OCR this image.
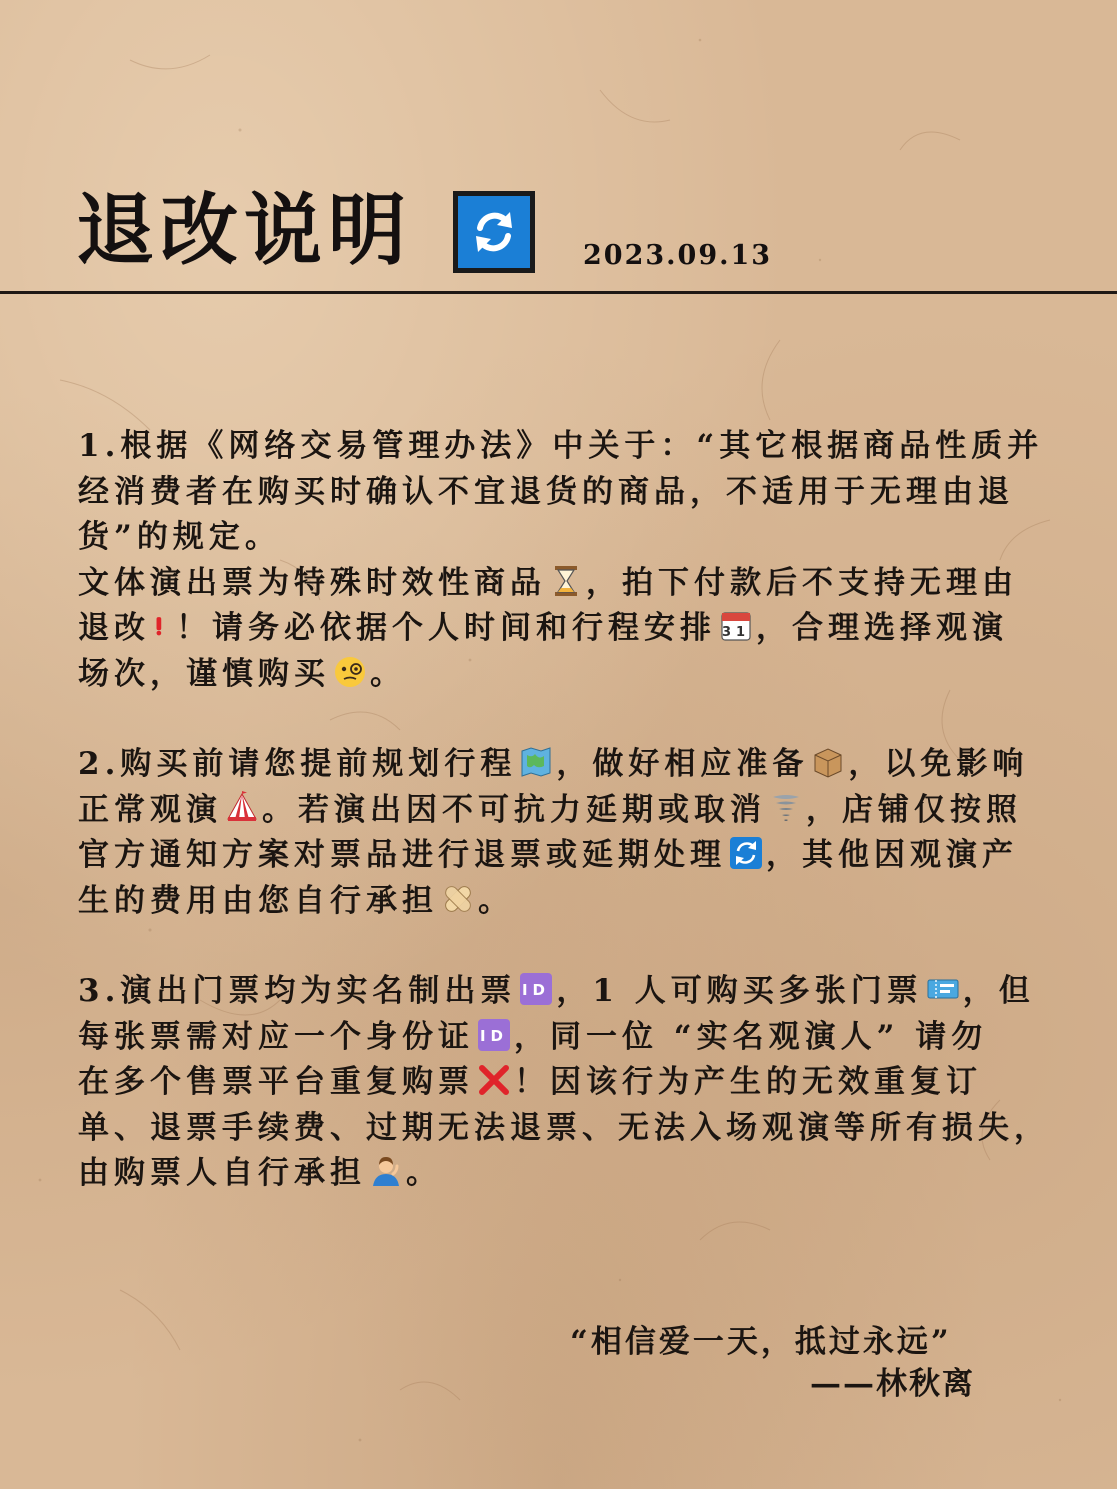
退改说明	2023.09.13
1.根据《网络交易管理办法》中关于：“其它根据商品性质并
经消费者在购买时确认不宜退货的商品，不适用于无理由退
货”的规定。
文体演出票为特殊时效性商品 ，拍下付款后不支持无理由
退改 ！请务必依据个人时间和行程安排 31 ，合理选择观演
场次，谨慎购买 。
2.购买前请您提前规划行程 ，做好相应准备 ，以免影响
正常观演 。若演出因不可抗力延期或取消 ，店铺仅按照
官方通知方案对票品进行退票或延期处理 ，其他因观演产
生的费用由您自行承担 。
3.演出门票均为实名制出票 ID ，1 人可购买多张门票 ，但
每张票需对应一个身份证 ID ，同一位 “实名观演人” 请勿
在多个售票平台重复购票 ！因该行为产生的无效重复订
单、退票手续费、过期无法退票、无法入场观演等所有损失，
由购票人自行承担 。
“相信爱一天，抵过永远”
——林秋离
